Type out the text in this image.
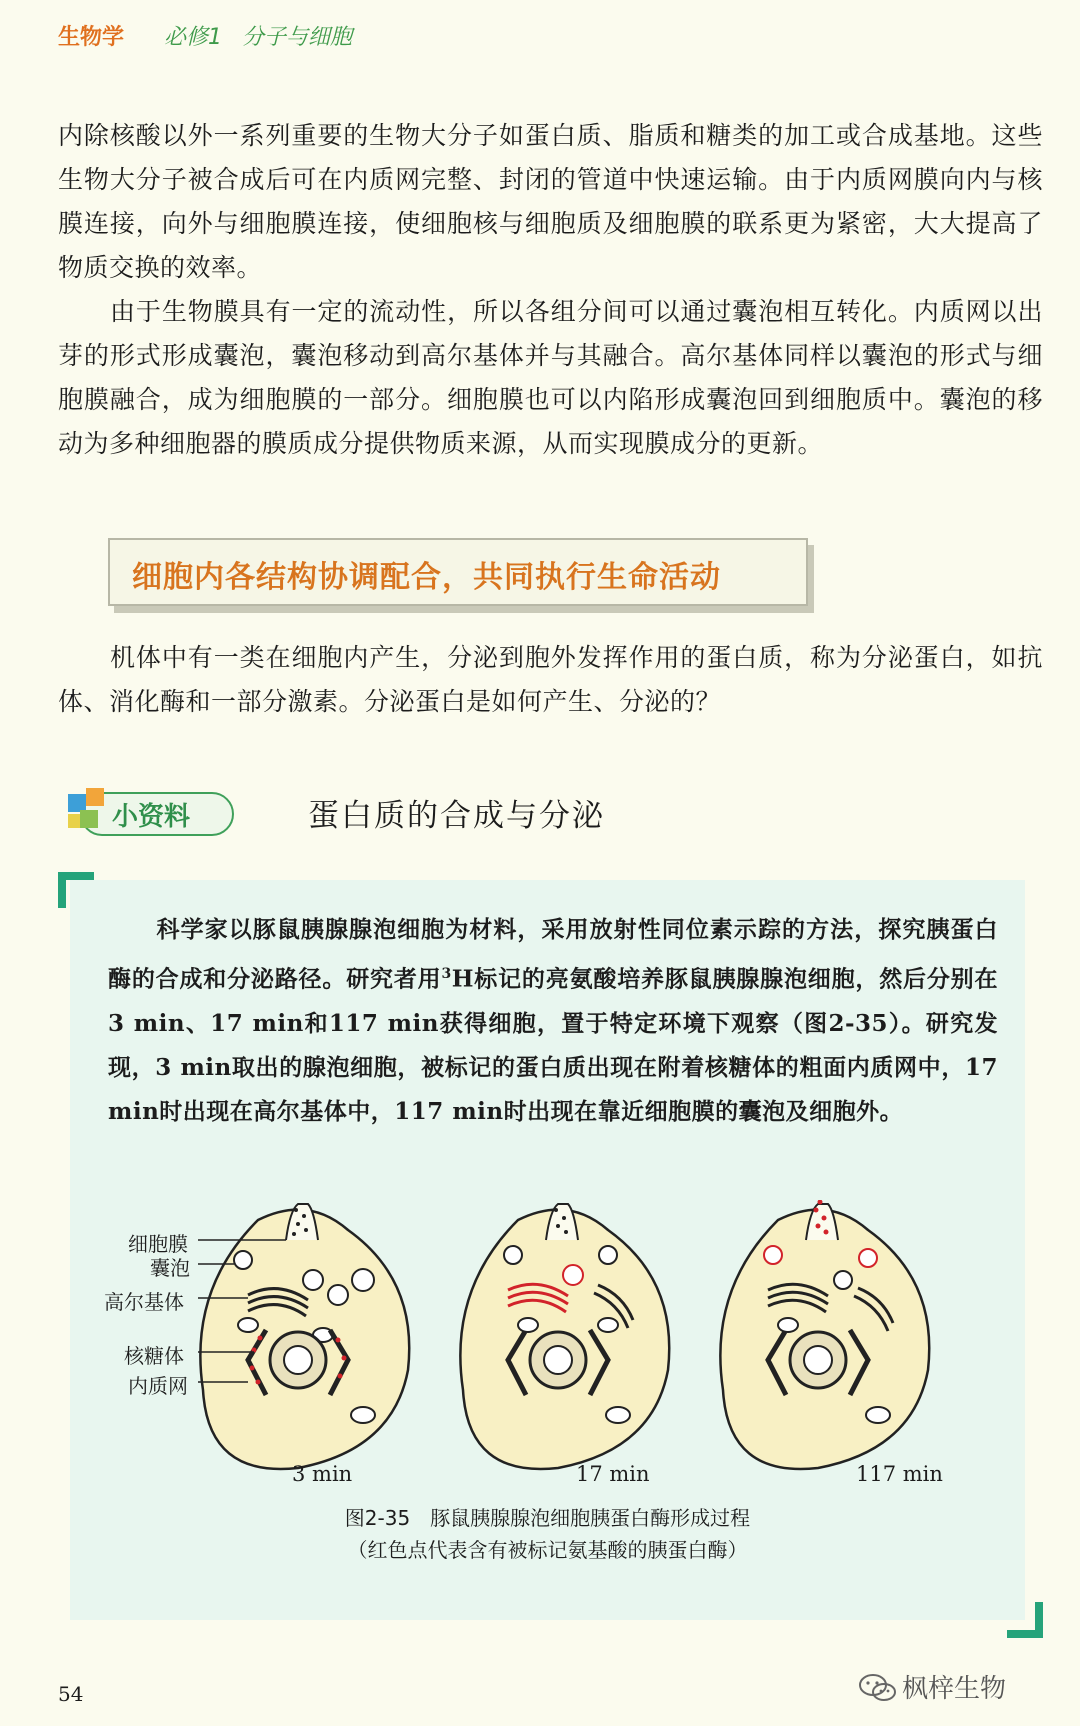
生物学 必修1 分子与细胞
内除核酸以外一系列重要的生物大分子如蛋白质、脂质和糖类的加工或合成基地。这些生物大分子被合成后可在内质网完整、封闭的管道中快速运输。由于内质网膜向内与核膜连接，向外与细胞膜连接，使细胞核与细胞质及细胞膜的联系更为紧密，大大提高了物质交换的效率。
由于生物膜具有一定的流动性，所以各组分间可以通过囊泡相互转化。内质网以出芽的形式形成囊泡，囊泡移动到高尔基体并与其融合。高尔基体同样以囊泡的形式与细胞膜融合，成为细胞膜的一部分。细胞膜也可以内陷形成囊泡回到细胞质中。囊泡的移动为多种细胞器的膜质成分提供物质来源，从而实现膜成分的更新。
细胞内各结构协调配合，共同执行生命活动
机体中有一类在细胞内产生，分泌到胞外发挥作用的蛋白质，称为分泌蛋白，如抗体、消化酶和一部分激素。分泌蛋白是如何产生、分泌的？
小资料	蛋白质的合成与分泌
科学家以豚鼠胰腺腺泡细胞为材料，采用放射性同位素示踪的方法，探究胰蛋白酶的合成和分泌路径。研究者用$^3$H标记的亮氨酸培养豚鼠胰腺腺泡细胞，然后分别在3 min、17 min和117 min获得细胞，置于特定环境下观察（图2-35）。研究发现，3 min取出的腺泡细胞，被标记的蛋白质出现在附着核糖体的粗面内质网中，17 min时出现在高尔基体中，117 min时出现在靠近细胞膜的囊泡及细胞外。
细胞膜
囊泡
高尔基体
核糖体
内质网
3 min	17 min	117 min
图2-35　豚鼠胰腺腺泡细胞胰蛋白酶形成过程
（红色点代表含有被标记氨基酸的胰蛋白酶）
54	枫梓生物
